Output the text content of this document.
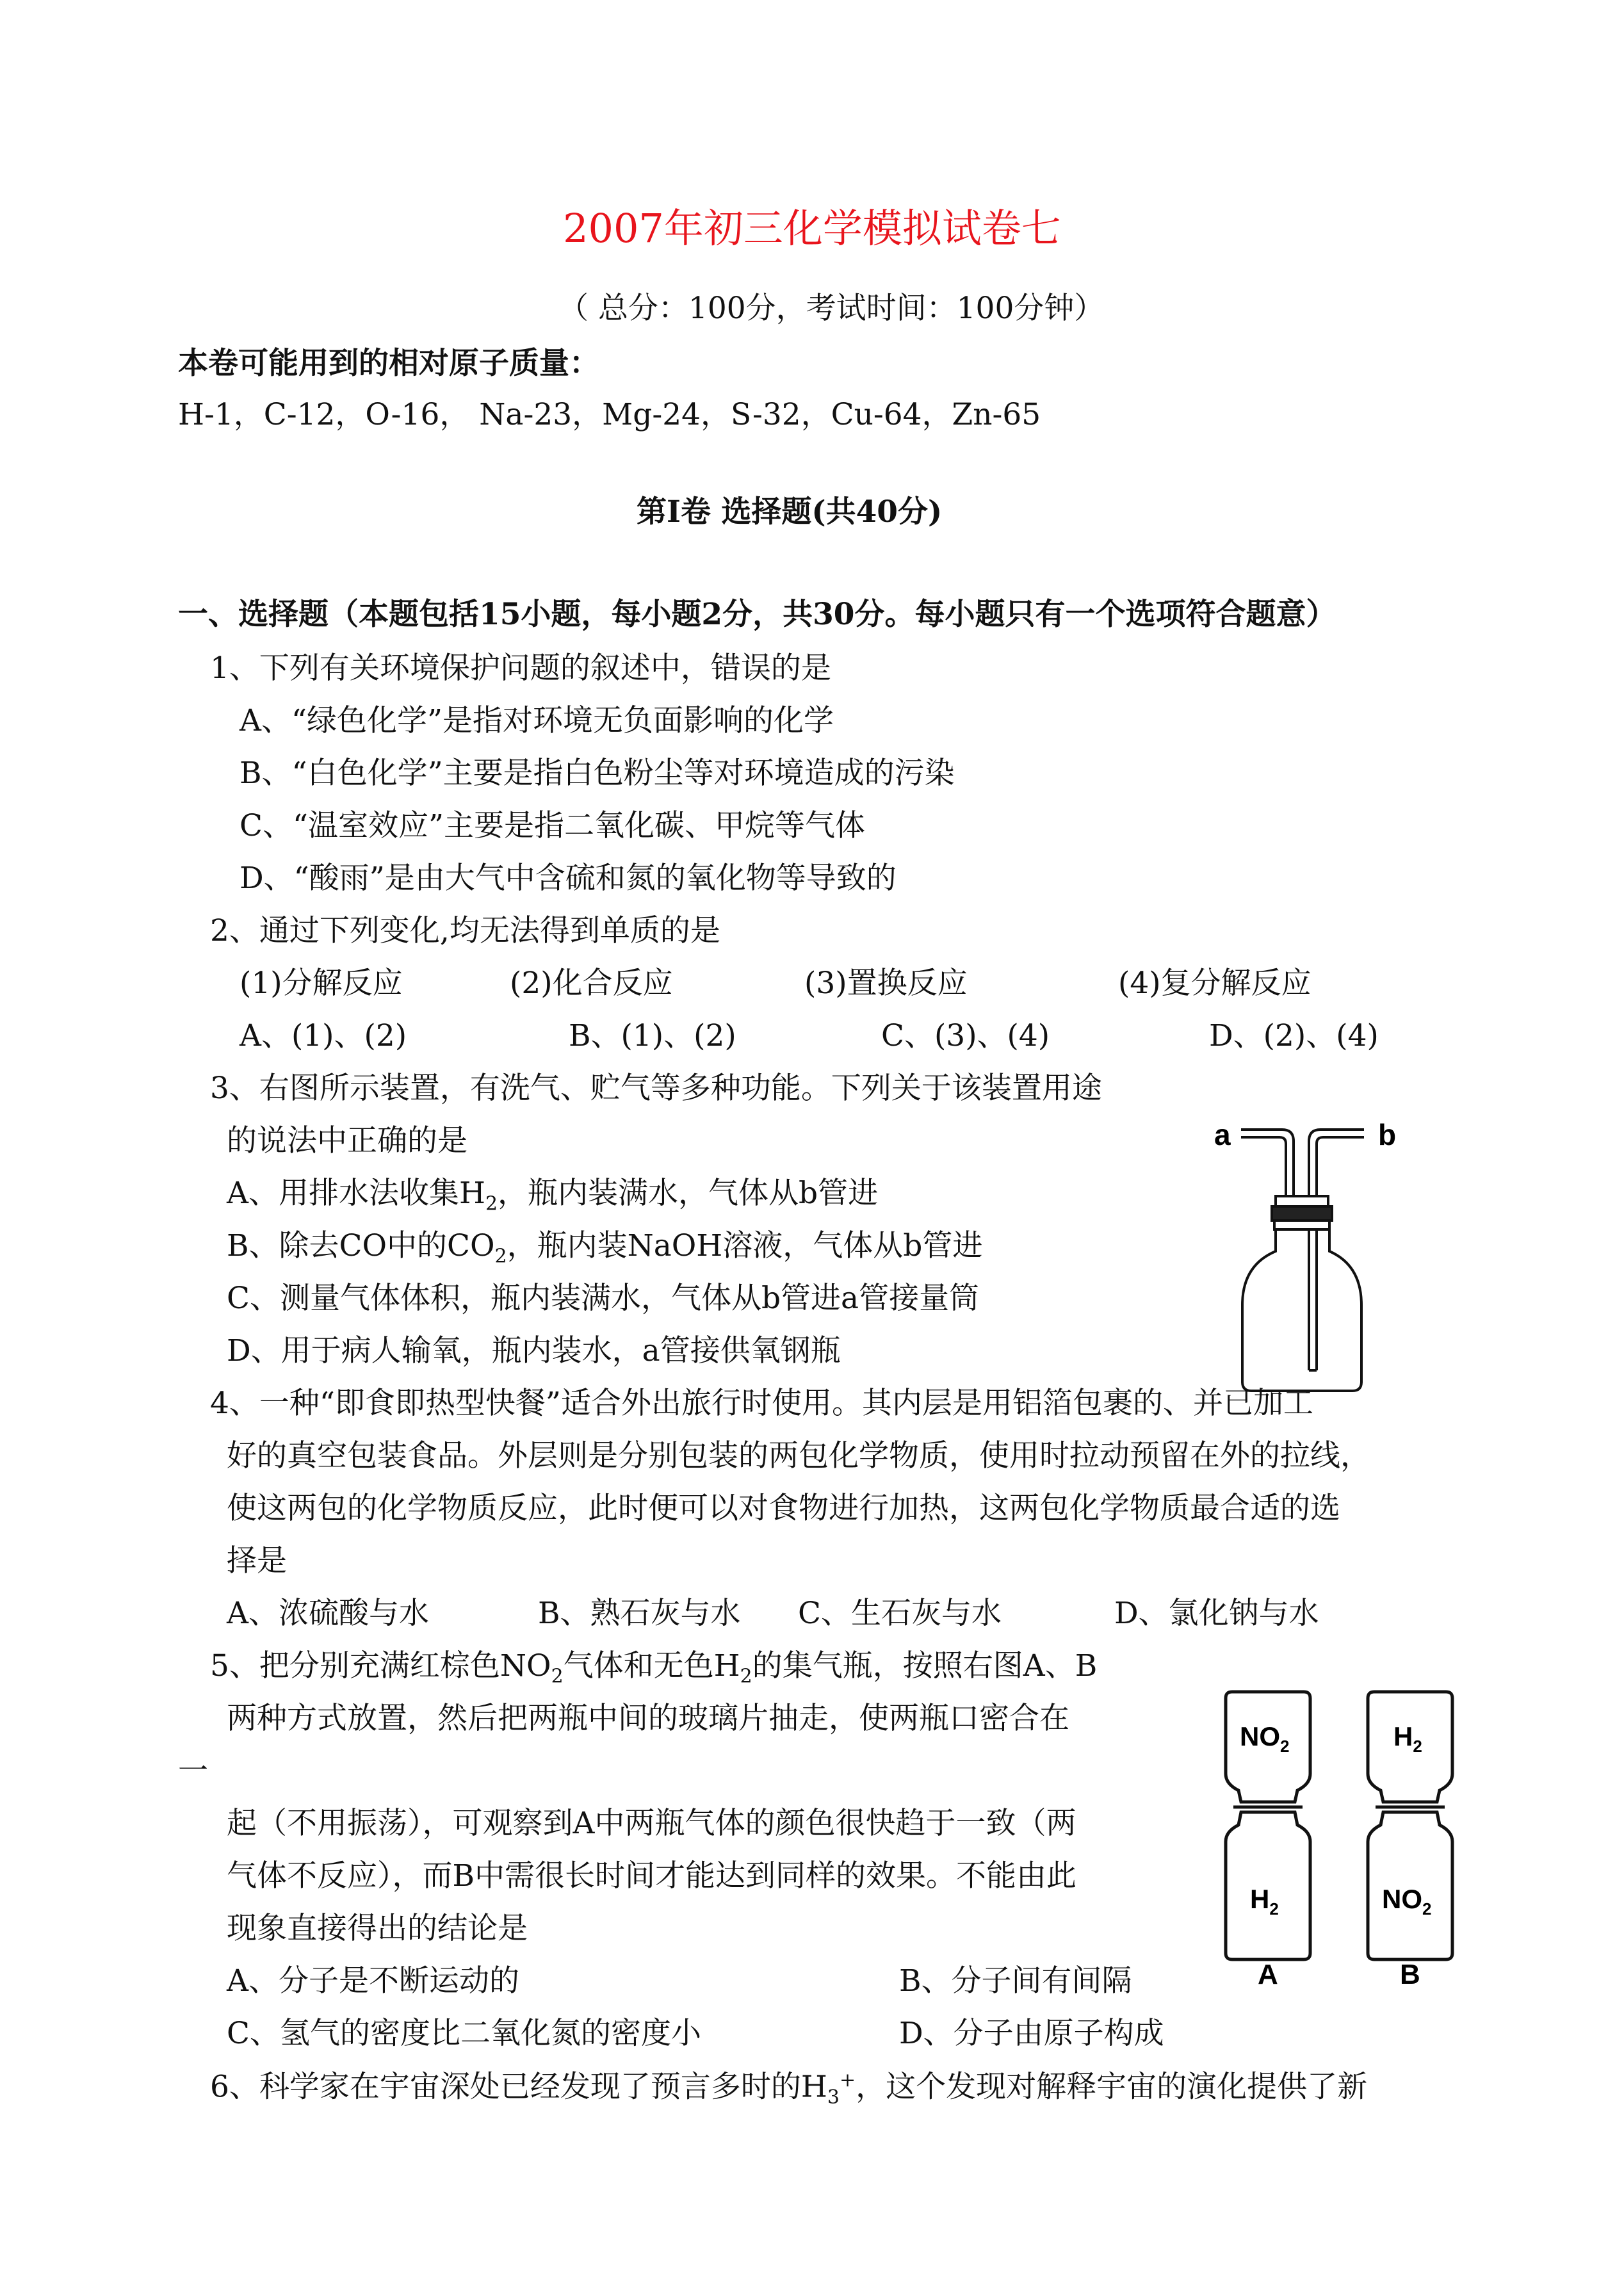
2007年初三化学模拟试卷七
（ 总分：100分，考试时间：100分钟）
本卷可能用到的相对原子质量：
H-1，C-12，O-16， Na-23，Mg-24，S-32，Cu-64，Zn-65
第Ⅰ卷 选择题(共40分)
一、选择题（本题包括15小题，每小题2分，共30分。每小题只有一个选项符合题意）
1、下列有关环境保护问题的叙述中，错误的是
A、“绿色化学”是指对环境无负面影响的化学
B、“白色化学”主要是指白色粉尘等对环境造成的污染
C、“温室效应”主要是指二氧化碳、甲烷等气体
D、“酸雨”是由大气中含硫和氮的氧化物等导致的
2、通过下列变化,均无法得到单质的是
(1)分解反应	(2)化合反应	(3)置换反应	(4)复分解反应
A、(1)、(2)	B、(1)、(2)	C、(3)、(4)	D、(2)、(4)
3、右图所示装置，有洗气、贮气等多种功能。下列关于该装置用途
的说法中正确的是
A、用排水法收集$H_2$，瓶内装满水，气体从b管进
B、除去CO中的$CO_2$，瓶内装NaOH溶液，气体从b管进
C、测量气体体积，瓶内装满水，气体从b管进a管接量筒
D、用于病人输氧，瓶内装水，a管接供氧钢瓶
a	b
4、一种“即食即热型快餐”适合外出旅行时使用。其内层是用铝箔包裹的、并已加工
好的真空包装食品。外层则是分别包装的两包化学物质，使用时拉动预留在外的拉线，
使这两包的化学物质反应，此时便可以对食物进行加热，这两包化学物质最合适的选
择是
A、浓硫酸与水	B、熟石灰与水 C、生石灰与水	D、氯化钠与水
5、把分别充满红棕色$NO_2$气体和无色$H_2$的集气瓶，按照右图A、B
两种方式放置，然后把两瓶中间的玻璃片抽走，使两瓶口密合在
一
起（不用振荡），可观察到A中两瓶气体的颜色很快趋于一致（两
气体不反应），而B中需很长时间才能达到同样的效果。不能由此
现象直接得出的结论是
A、分子是不断运动的	B、分子间有间隔
C、氢气的密度比二氧化氮的密度小	D、分子由原子构成
$NO_2$
$H_2$
$H_2$
$NO_2$
A	B
6、科学家在宇宙深处已经发现了预言多时的$H_3^+$，这个发现对解释宇宙的演化提供了新
